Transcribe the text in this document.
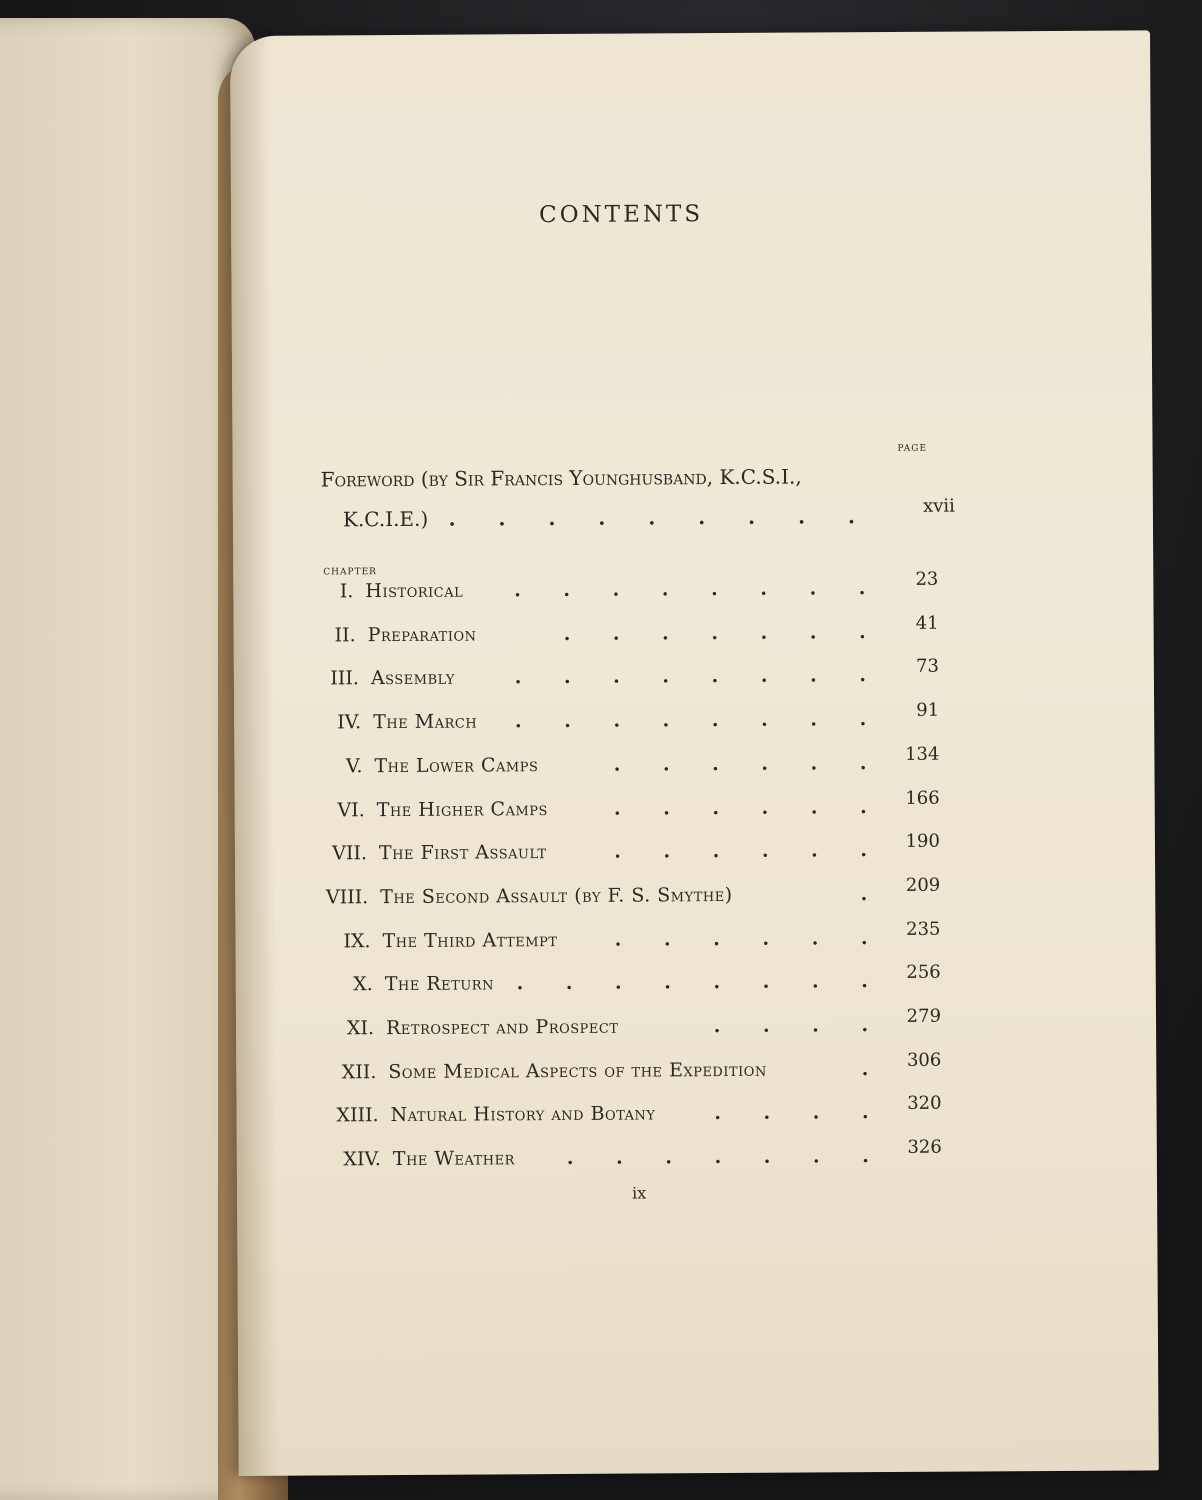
CONTENTS
PAGE
Foreword (by Sir Francis Younghusband, K.C.S.I.,
K.C.I.E.) . . . . . . . . .	xvii
CHAPTER
I. Historical	. . . . . . . . 23
II. Preparation	. . . . . . . 41
III. Assembly	. . . . . . . . 73
IV. The March . . . . . . . . 91
V. The Lower Camps	. . . . . . 134
VI. The Higher Camps	. . . . . . 166
VII. The First Assault	. . . . . . 190
VIII. The Second Assault (by F. S. Smythe)	. 209
IX. The Third Attempt	. . . . . . 235
X. The Return . . . . . . . . 256
XI. Retrospect and Prospect	. . . . 279
XII. Some Medical Aspects of the Expedition	. 306
XIII. Natural History and Botany	. . . . 320
XIV. The Weather	. . . . . . . 326
ix
